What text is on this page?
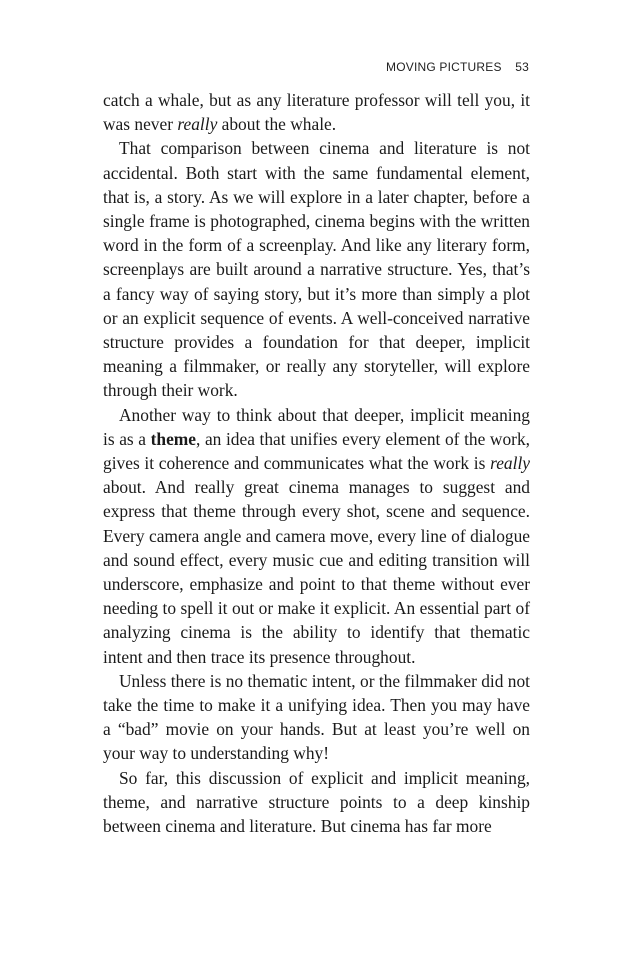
MOVING PICTURES 53

catch a whale, but as any literature professor will tell you, it was never really about the whale.

That comparison between cinema and literature is not accidental. Both start with the same fundamental element, that is, a story. As we will explore in a later chapter, before a single frame is photographed, cinema begins with the written word in the form of a screenplay. And like any literary form, screenplays are built around a narrative structure. Yes, that’s a fancy way of saying story, but it’s more than simply a plot or an explicit sequence of events. A well-conceived narrative structure provides a foundation for that deeper, implicit meaning a filmmaker, or really any storyteller, will explore through their work.

Another way to think about that deeper, implicit meaning is as a theme, an idea that unifies every element of the work, gives it coherence and communicates what the work is really about. And really great cinema manages to suggest and express that theme through every shot, scene and sequence. Every camera angle and camera move, every line of dialogue and sound effect, every music cue and editing transition will underscore, emphasize and point to that theme without ever needing to spell it out or make it explicit. An essential part of analyzing cinema is the ability to identify that thematic intent and then trace its presence throughout.

Unless there is no thematic intent, or the filmmaker did not take the time to make it a unifying idea. Then you may have a “bad” movie on your hands. But at least you’re well on your way to understanding why!

So far, this discussion of explicit and implicit meaning, theme, and narrative structure points to a deep kinship between cinema and literature. But cinema has far more
